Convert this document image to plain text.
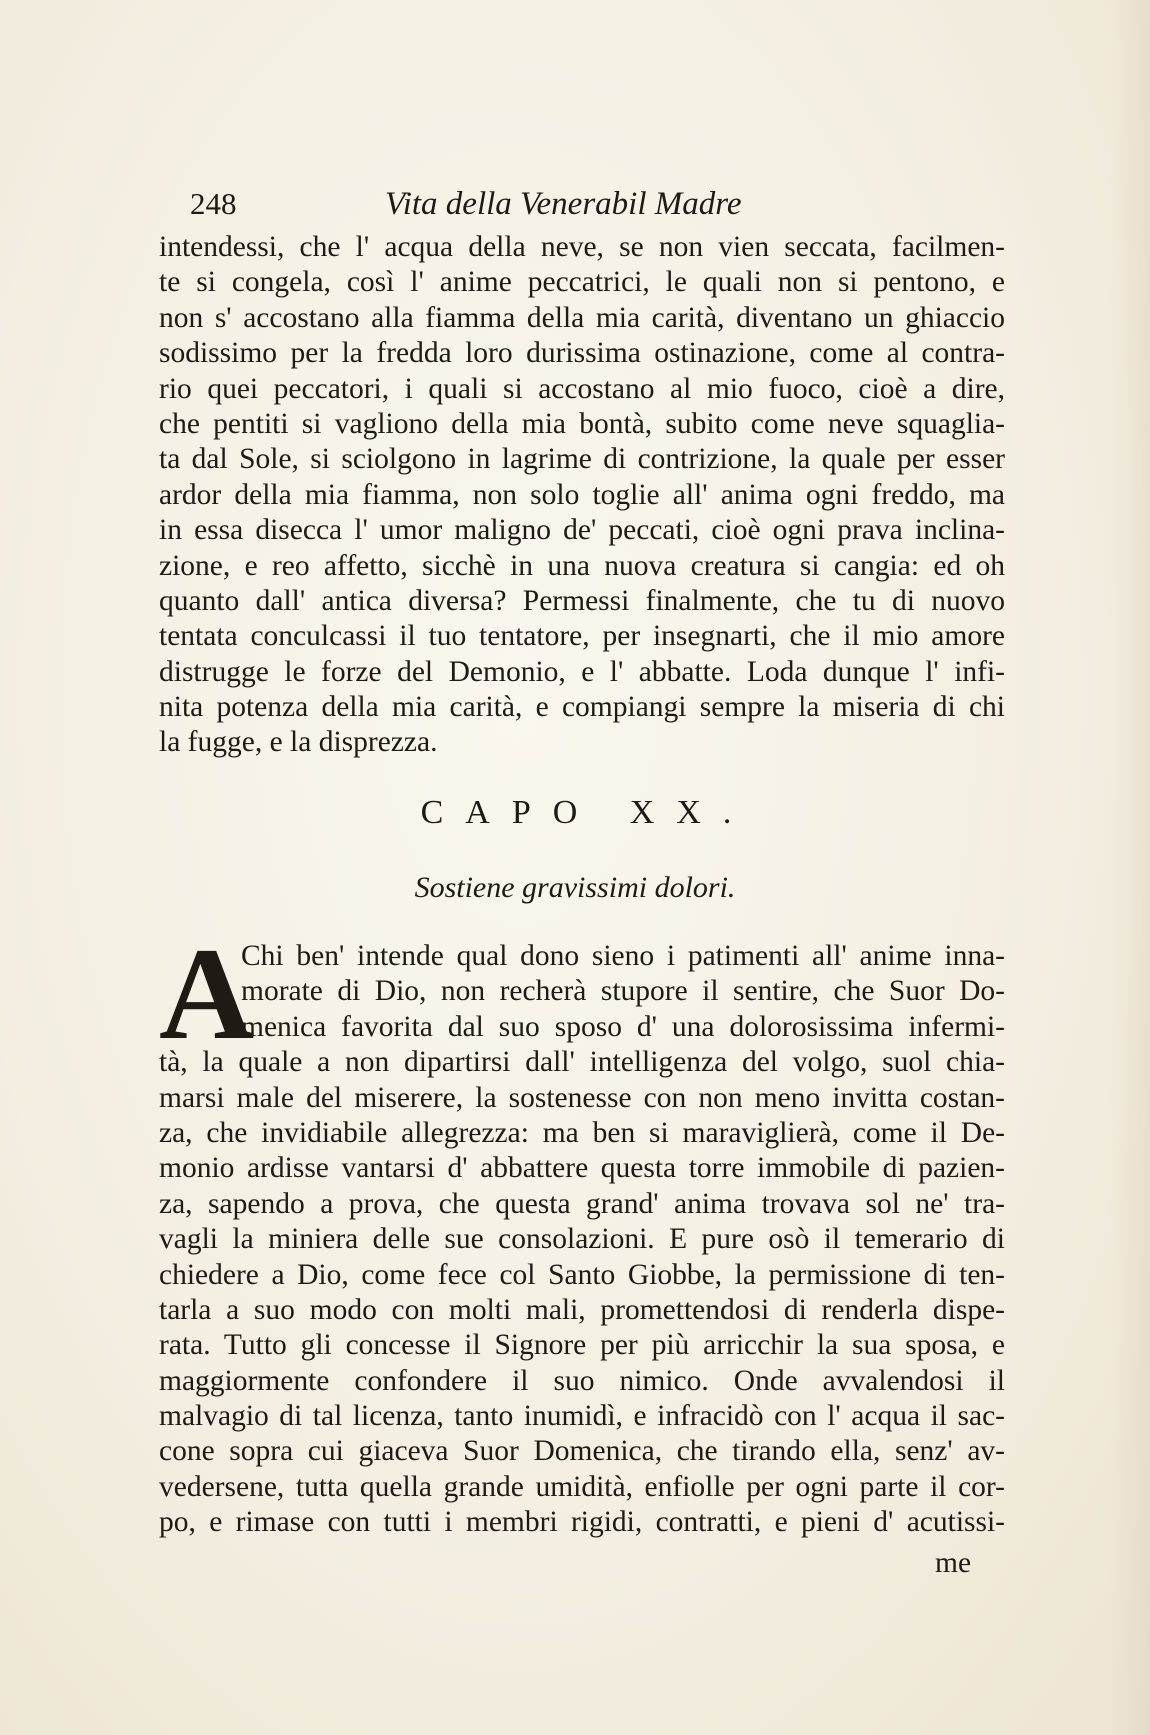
248	Vita della Venerabil Madre
intendessi, che l' acqua della neve, se non vien seccata, facilmen-
te si congela, così l' anime peccatrici, le quali non si pentono, e
non s' accostano alla fiamma della mia carità, diventano un ghiaccio
sodissimo per la fredda loro durissima ostinazione, come al contra-
rio quei peccatori, i quali si accostano al mio fuoco, cioè a dire,
che pentiti si vagliono della mia bontà, subito come neve squaglia-
ta dal Sole, si sciolgono in lagrime di contrizione, la quale per esser
ardor della mia fiamma, non solo toglie all' anima ogni freddo, ma
in essa disecca l' umor maligno de' peccati, cioè ogni prava inclina-
zione, e reo affetto, sicchè in una nuova creatura si cangia: ed oh
quanto dall' antica diversa? Permessi finalmente, che tu di nuovo
tentata conculcassi il tuo tentatore, per insegnarti, che il mio amore
distrugge le forze del Demonio, e l' abbatte. Loda dunque l' infi-
nita potenza della mia carità, e compiangi sempre la miseria di chi
la fugge, e la disprezza.
CAPO XX.
Sostiene gravissimi dolori.
A
Chi ben' intende qual dono sieno i patimenti all' anime inna-
morate di Dio, non recherà stupore il sentire, che Suor Do-
menica favorita dal suo sposo d' una dolorosissima infermi-
tà, la quale a non dipartirsi dall' intelligenza del volgo, suol chia-
marsi male del miserere, la sostenesse con non meno invitta costan-
za, che invidiabile allegrezza: ma ben si maraviglierà, come il De-
monio ardisse vantarsi d' abbattere questa torre immobile di pazien-
za, sapendo a prova, che questa grand' anima trovava sol ne' tra-
vagli la miniera delle sue consolazioni. E pure osò il temerario di
chiedere a Dio, come fece col Santo Giobbe, la permissione di ten-
tarla a suo modo con molti mali, promettendosi di renderla dispe-
rata. Tutto gli concesse il Signore per più arricchir la sua sposa, e
maggiormente confondere il suo nimico. Onde avvalendosi il
malvagio di tal licenza, tanto inumidì, e infracidò con l' acqua il sac-
cone sopra cui giaceva Suor Domenica, che tirando ella, senz' av-
vedersene, tutta quella grande umidità, enfiolle per ogni parte il cor-
po, e rimase con tutti i membri rigidi, contratti, e pieni d' acutissi-
me
